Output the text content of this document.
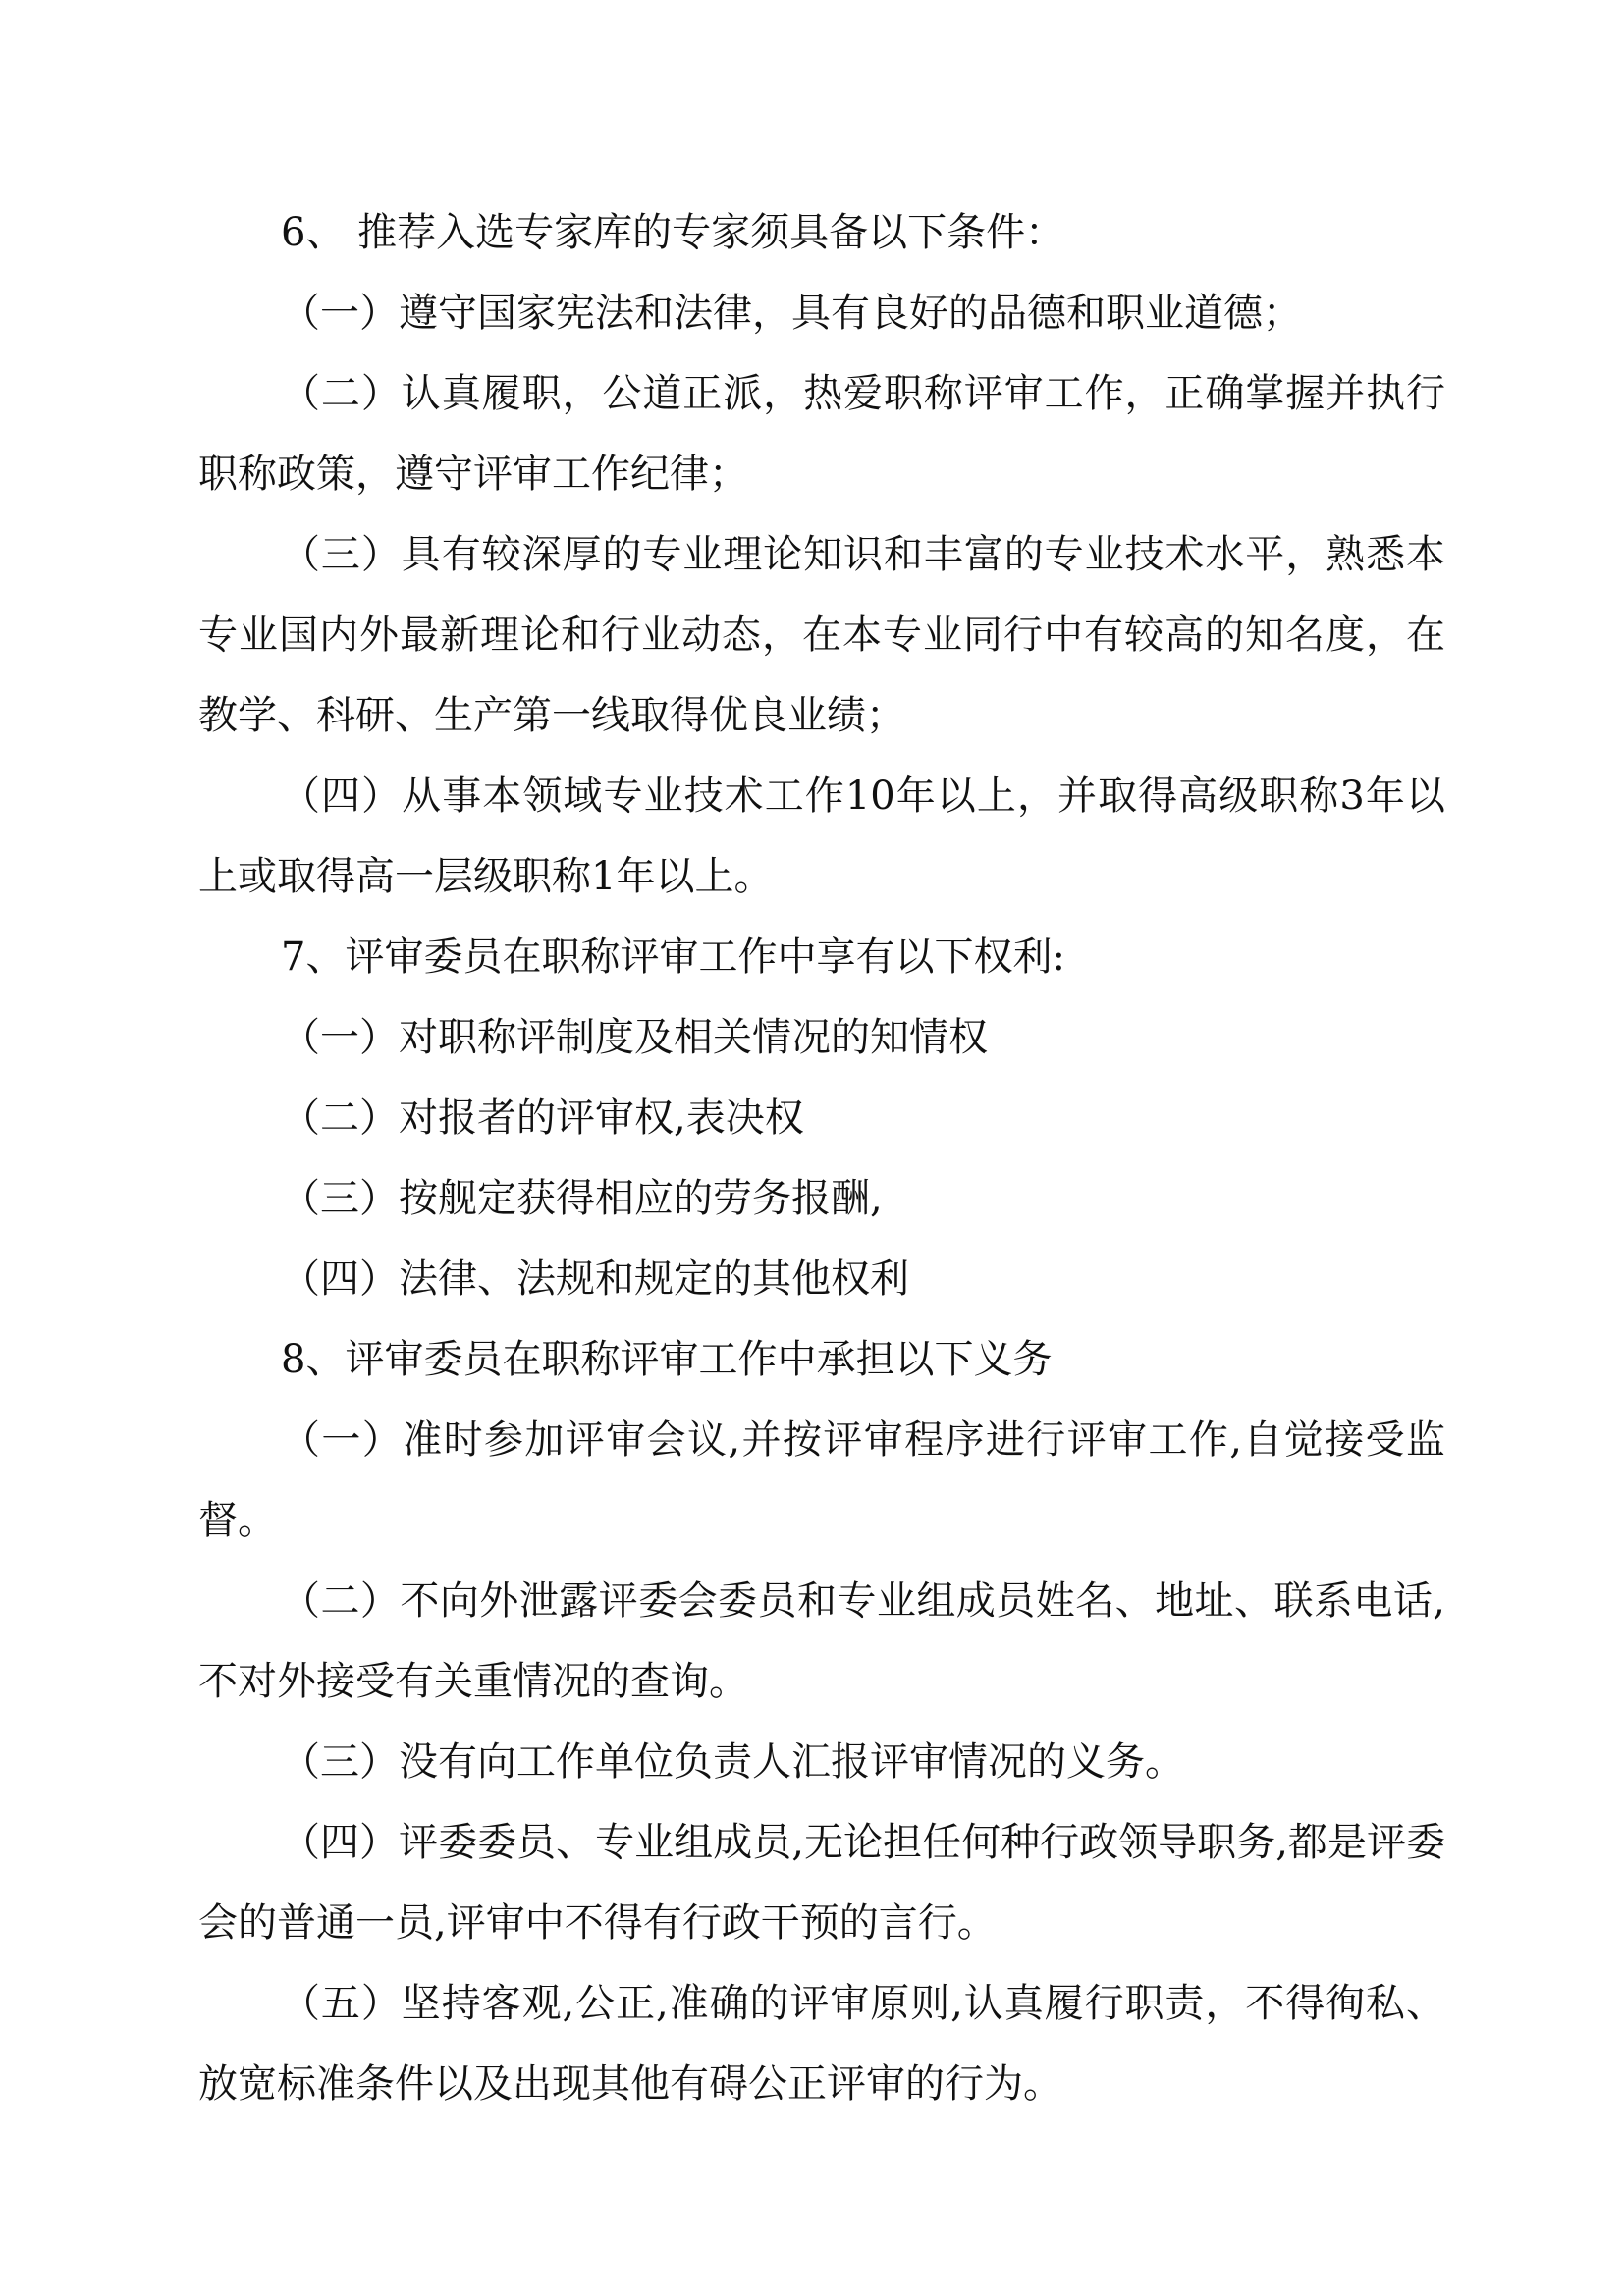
6、 推荐入选专家库的专家须具备以下条件：

（一）遵守国家宪法和法律，具有良好的品德和职业道德；

（二）认真履职，公道正派，热爱职称评审工作，正确掌握并执行职称政策，遵守评审工作纪律；

（三）具有较深厚的专业理论知识和丰富的专业技术水平，熟悉本专业国内外最新理论和行业动态，在本专业同行中有较高的知名度，在教学、科研、生产第一线取得优良业绩；

（四）从事本领域专业技术工作10年以上，并取得高级职称3年以上或取得高一层级职称1年以上。

7、评审委员在职称评审工作中享有以下权利:

（一）对职称评制度及相关情况的知情权

（二）对报者的评审权,表决权

（三）按舰定获得相应的劳务报酬,

（四）法律、法规和规定的其他权利

8、评审委员在职称评审工作中承担以下义务

（一）准时参加评审会议,并按评审程序进行评审工作,自觉接受监督。

（二）不向外泄露评委会委员和专业组成员姓名、地址、联系电话,不对外接受有关重情况的查询。

（三）没有向工作单位负责人汇报评审情况的义务。

（四）评委委员、专业组成员,无论担任何种行政领导职务,都是评委会的普通一员,评审中不得有行政干预的言行。

（五）坚持客观,公正,准确的评审原则,认真履行职责，不得徇私、放宽标准条件以及出现其他有碍公正评审的行为。
